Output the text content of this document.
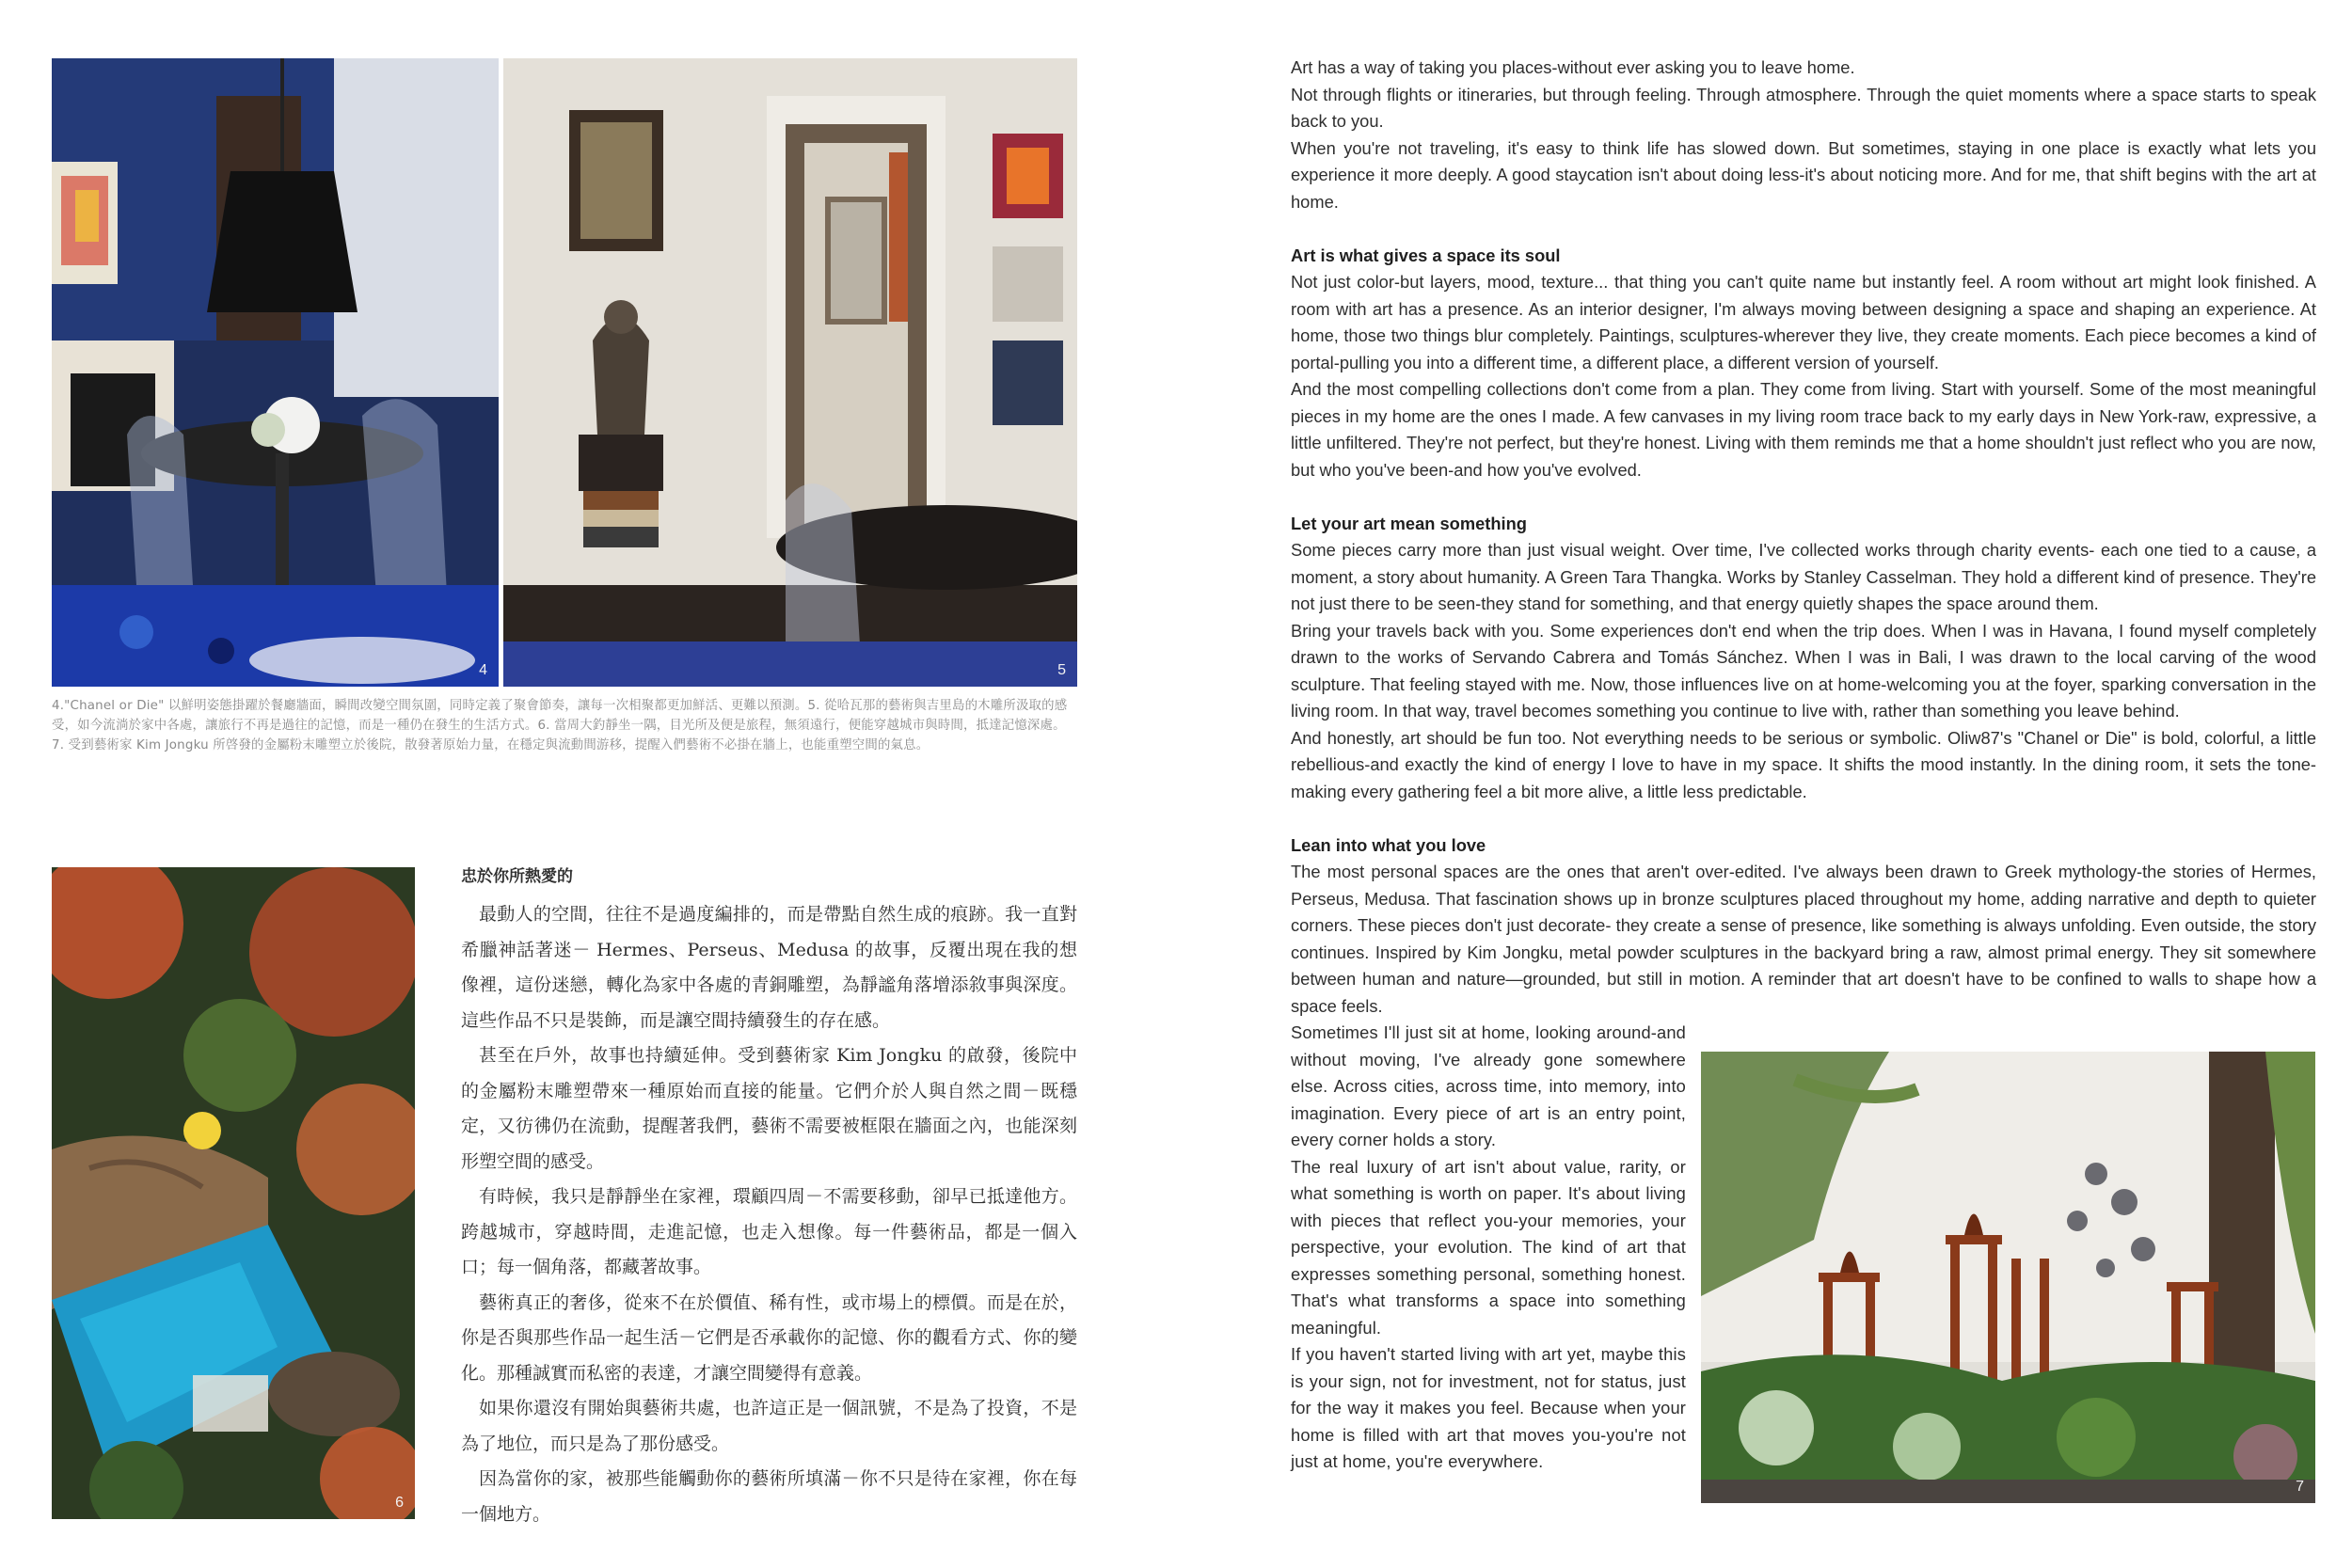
4	5
4."Chanel or Die" 以鮮明姿態掛躍於餐廳牆面，瞬間改變空間氛圍，同時定義了聚會節奏，讓每一次相聚都更加鮮活、更難以預測。5. 從哈瓦那的藝術與吉里島的木雕所汲取的感受，如今流淌於家中各處，讓旅行不再是過往的記憶，而是一種仍在發生的生活方式。6. 當周大釣靜坐一隅，目光所及便是旅程，無須遠行，便能穿越城市與時間，抵達記憶深處。7. 受到藝術家 Kim Jongku 所啓發的金屬粉末雕塑立於後院，散發著原始力量，在穩定與流動間游移，提醒入們藝術不必掛在牆上，也能重塑空間的氣息。
6
忠於你所熱愛的

最動人的空間，往往不是過度編排的，而是帶點自然生成的痕跡。我一直對希臘神話著迷－ Hermes、Perseus、Medusa 的故事，反覆出現在我的想像裡，這份迷戀，轉化為家中各處的青銅雕塑，為靜謐角落增添敘事與深度。這些作品不只是裝飾，而是讓空間持續發生的存在感。

甚至在戶外，故事也持續延伸。受到藝術家 Kim Jongku 的啟發，後院中的金屬粉末雕塑帶來一種原始而直接的能量。它們介於人與自然之間－既穩定，又彷彿仍在流動，提醒著我們，藝術不需要被框限在牆面之內，也能深刻形塑空間的感受。

有時候，我只是靜靜坐在家裡，環顧四周－不需要移動，卻早已抵達他方。跨越城市，穿越時間，走進記憶，也走入想像。每一件藝術品，都是一個入口；每一個角落，都藏著故事。

藝術真正的奢侈，從來不在於價值、稀有性，或市場上的標價。而是在於，你是否與那些作品一起生活－它們是否承載你的記憶、你的觀看方式、你的變化。那種誠實而私密的表達，才讓空間變得有意義。

如果你還沒有開始與藝術共處，也許這正是一個訊號，不是為了投資，不是為了地位，而只是為了那份感受。

因為當你的家，被那些能觸動你的藝術所填滿－你不只是待在家裡，你在每一個地方。

Art has a way of taking you places-without ever asking you to leave home.

Not through flights or itineraries, but through feeling. Through atmosphere. Through the quiet moments where a space starts to speak back to you.

When you're not traveling, it's easy to think life has slowed down. But sometimes, staying in one place is exactly what lets you experience it more deeply. A good staycation isn't about doing less-it's about noticing more. And for me, that shift begins with the art at home.

Art is what gives a space its soul

Not just color-but layers, mood, texture... that thing you can't quite name but instantly feel. A room without art might look finished. A room with art has a presence. As an interior designer, I'm always moving between designing a space and shaping an experience. At home, those two things blur completely. Paintings, sculptures-wherever they live, they create moments. Each piece becomes a kind of portal-pulling you into a different time, a different place, a different version of yourself.

And the most compelling collections don't come from a plan. They come from living. Start with yourself. Some of the most meaningful pieces in my home are the ones I made. A few canvases in my living room trace back to my early days in New York-raw, expressive, a little unfiltered. They're not perfect, but they're honest. Living with them reminds me that a home shouldn't just reflect who you are now, but who you've been-and how you've evolved.

Let your art mean something

Some pieces carry more than just visual weight. Over time, I've collected works through charity events- each one tied to a cause, a moment, a story about humanity. A Green Tara Thangka. Works by Stanley Casselman. They hold a different kind of presence. They're not just there to be seen-they stand for something, and that energy quietly shapes the space around them.

Bring your travels back with you. Some experiences don't end when the trip does. When I was in Havana, I found myself completely drawn to the works of Servando Cabrera and Tomás Sánchez. When I was in Bali, I was drawn to the local carving of the wood sculpture. That feeling stayed with me. Now, those influences live on at home-welcoming you at the foyer, sparking conversation in the living room. In that way, travel becomes something you continue to live with, rather than something you leave behind.

And honestly, art should be fun too. Not everything needs to be serious or symbolic. Oliw87's "Chanel or Die" is bold, colorful, a little rebellious-and exactly the kind of energy I love to have in my space. It shifts the mood instantly. In the dining room, it sets the tone-making every gathering feel a bit more alive, a little less predictable.

Lean into what you love

The most personal spaces are the ones that aren't over-edited. I've always been drawn to Greek mythology-the stories of Hermes, Perseus, Medusa. That fascination shows up in bronze sculptures placed throughout my home, adding narrative and depth to quieter corners. These pieces don't just decorate- they create a sense of presence, like something is always unfolding. Even outside, the story continues. Inspired by Kim Jongku, metal powder sculptures in the backyard bring a raw, almost primal energy. They sit somewhere between human and nature—grounded, but still in motion. A reminder that art doesn't have to be confined to walls to shape how a space feels.

Sometimes I'll just sit at home, looking around-and without moving, I've already gone somewhere else. Across cities, across time, into memory, into imagination. Every piece of art is an entry point, every corner holds a story.

The real luxury of art isn't about value, rarity, or what something is worth on paper. It's about living with pieces that reflect you-your memories, your perspective, your evolution. The kind of art that expresses something personal, something honest. That's what transforms a space into something meaningful.

If you haven't started living with art yet, maybe this is your sign, not for investment, not for status, just for the way it makes you feel. Because when your home is filled with art that moves you-you're not just at home, you're everywhere.

7
